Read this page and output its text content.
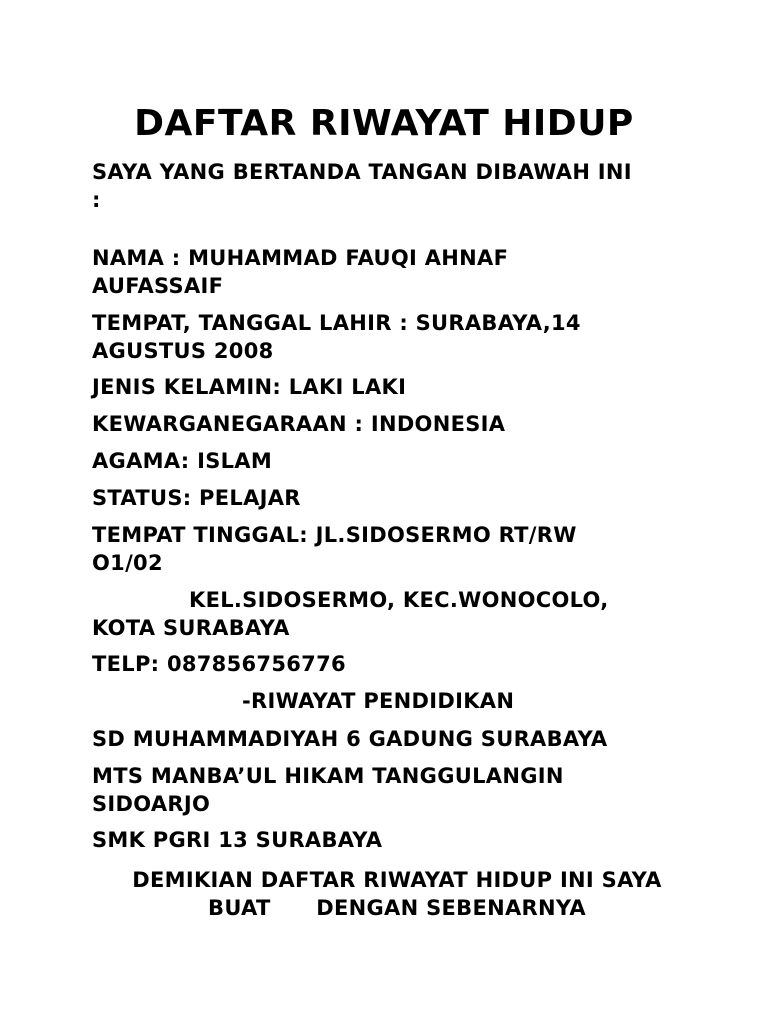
DAFTAR RIWAYAT HIDUP
SAYA YANG BERTANDA TANGAN DIBAWAH INI
:
NAMA : MUHAMMAD FAUQI AHNAF
AUFASSAIF
TEMPAT, TANGGAL LAHIR : SURABAYA,14
AGUSTUS 2008
JENIS KELAMIN: LAKI LAKI
KEWARGANEGARAAN : INDONESIA
AGAMA: ISLAM
STATUS: PELAJAR
TEMPAT TINGGAL: JL.SIDOSERMO RT/RW
O1/02
KEL.SIDOSERMO, KEC.WONOCOLO,
KOTA SURABAYA
TELP: 087856756776
-RIWAYAT PENDIDIKAN
SD MUHAMMADIYAH 6 GADUNG SURABAYA
MTS MANBA’UL HIKAM TANGGULANGIN
SIDOARJO
SMK PGRI 13 SURABAYA
DEMIKIAN DAFTAR RIWAYAT HIDUP INI SAYA
BUAT      DENGAN SEBENARNYA
